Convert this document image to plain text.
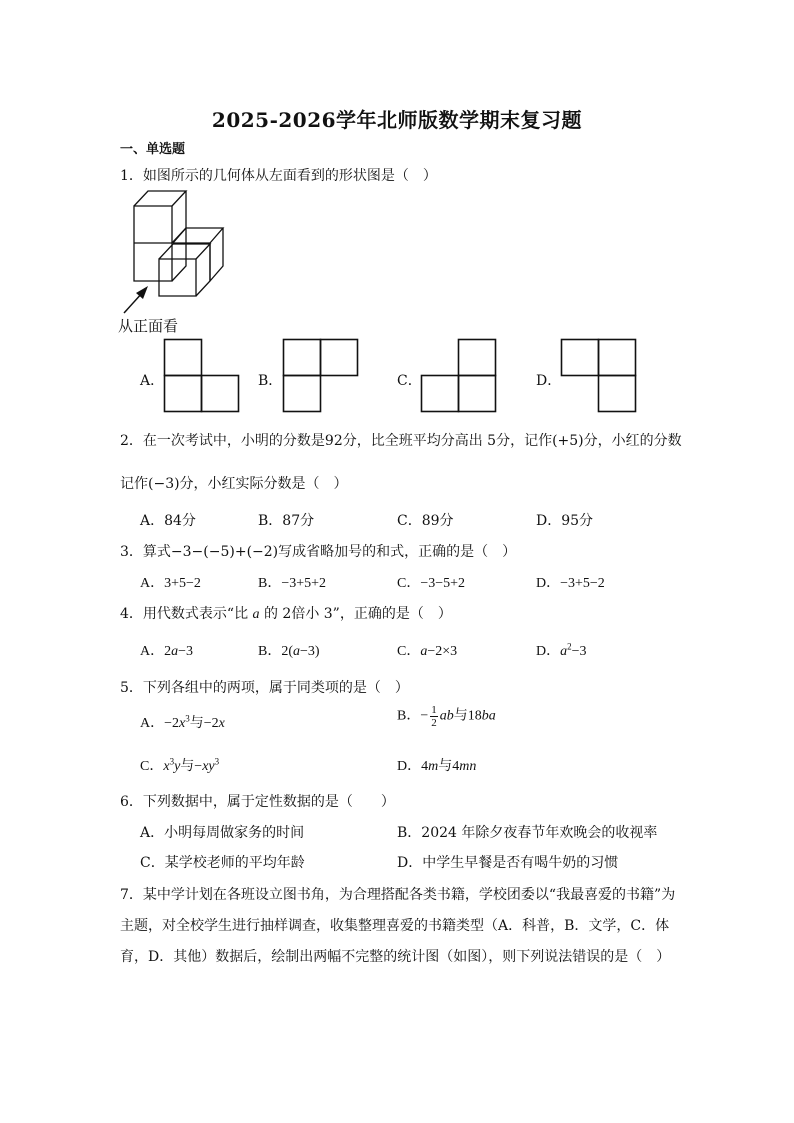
2025-2026学年北师版数学期末复习题
一、单选题
1．如图所示的几何体从左面看到的形状图是（　）
从正面看
A．	B．	C．	D．
2．在一次考试中，小明的分数是92分，比全班平均分高出 5分，记作(+5)分，小红的分数
记作(−3)分，小红实际分数是（　）
A．84分	B．87分	C．89分	D．95分
3．算式−3−(−5)+(−2)写成省略加号的和式，正确的是（　）
A．3+5−2	B．−3+5+2	C．−3−5+2	D．−3+5−2
4．用代数式表示“比 a 的 2倍小 3”，正确的是（　）
A．2a−3	B．2(a−3)	C．a−2×3	D．$a^2-3$
5．下列各组中的两项，属于同类项的是（　）
A．$-2x^3$与−2x	B．− $\frac{1}{2}$ ab与18ba
C．$x^3y$与$-xy^3$	D．4m与4mn
6．下列数据中，属于定性数据的是（　　）
A．小明每周做家务的时间	B．2024 年除夕夜春节年欢晚会的收视率
C．某学校老师的平均年龄	D．中学生早餐是否有喝牛奶的习惯
7．某中学计划在各班设立图书角，为合理搭配各类书籍，学校团委以“我最喜爱的书籍”为
主题，对全校学生进行抽样调查，收集整理喜爱的书籍类型（A．科普，B．文学，C．体
育，D．其他）数据后，绘制出两幅不完整的统计图（如图），则下列说法错误的是（　）
